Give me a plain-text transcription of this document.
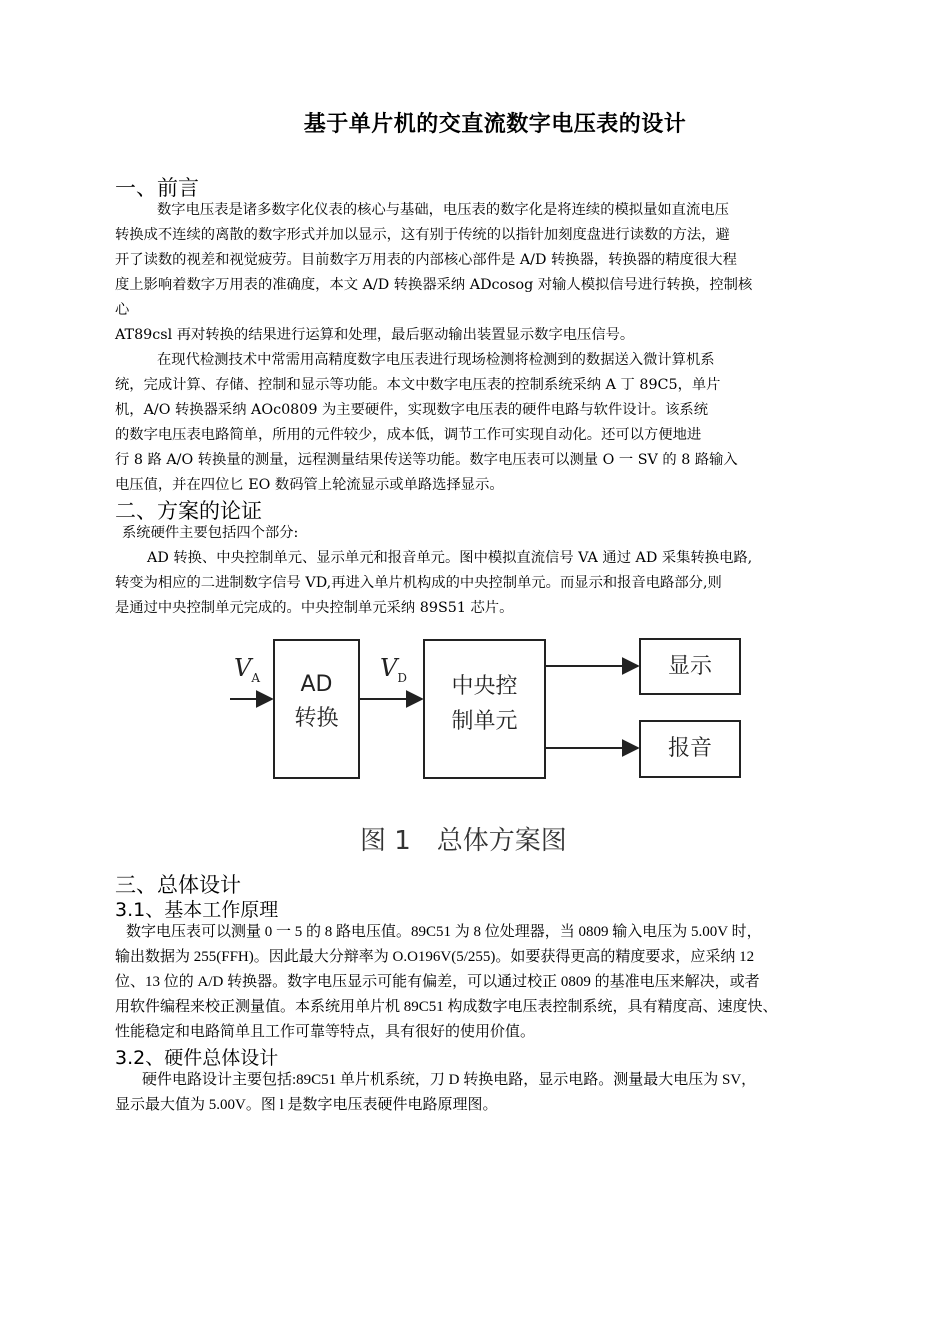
基于单片机的交直流数字电压表的设计
一、前言
数字电压表是诸多数字化仪表的核心与基础，电压表的数字化是将连续的模拟量如直流电压
转换成不连续的离散的数字形式并加以显示，这有别于传统的以指针加刻度盘进行读数的方法，避
开了读数的视差和视觉疲劳。目前数字万用表的内部核心部件是 A/D 转换器，转换器的精度很大程
度上影响着数字万用表的准确度，本文 A/D 转换器采纳 ADcosog 对输人模拟信号进行转换，控制核
心
AT89csl 再对转换的结果进行运算和处理，最后驱动输出装置显示数字电压信号。
在现代检测技术中常需用高精度数字电压表进行现场检测将检测到的数据送入微计算机系
统，完成计算、存储、控制和显示等功能。本文中数字电压表的控制系统采纳 A 丁 89C5，单片
机，A/O 转换器采纳 AOc0809 为主要硬件，实现数字电压表的硬件电路与软件设计。该系统
的数字电压表电路简单，所用的元件较少，成本低，调节工作可实现自动化。还可以方便地进
行 8 路 A/O 转换量的测量，远程测量结果传送等功能。数字电压表可以测量 O 一 SV 的 8 路输入
电压值，并在四位匕 EO 数码管上轮流显示或单路选择显示。
二、方案的论证
系统硬件主要包括四个部分:
AD 转换、中央控制单元、显示单元和报音单元。图中模拟直流信号 VA 通过 AD 采集转换电路,
转变为相应的二进制数字信号 VD,再进入单片机构成的中央控制单元。而显示和报音电路部分,则
是通过中央控制单元完成的。中央控制单元采纳 89S51 芯片。
$V_A$	$V_D$
AD
转换
中央控
制单元
显示
报音
图 1　总体方案图
三、总体设计
3.1、基本工作原理
数字电压表可以测量 0 一 5 的 8 路电压值。89C51 为 8 位处理器，当 0809 输入电压为 5.00V 时，
输出数据为 255(FFH)。因此最大分辩率为 O.O196V(5/255)。如要获得更高的精度要求，应采纳 12
位、13 位的 A/D 转换器。数字电压显示可能有偏差，可以通过校正 0809 的基准电压来解决，或者
用软件编程来校正测量值。本系统用单片机 89C51 构成数字电压表控制系统，具有精度高、速度快、
性能稳定和电路简单且工作可靠等特点，具有很好的使用价值。
3.2、硬件总体设计
硬件电路设计主要包括:89C51 单片机系统，刀 D 转换电路，显示电路。测量最大电压为 SV，
显示最大值为 5.00V。图 l 是数字电压表硬件电路原理图。
